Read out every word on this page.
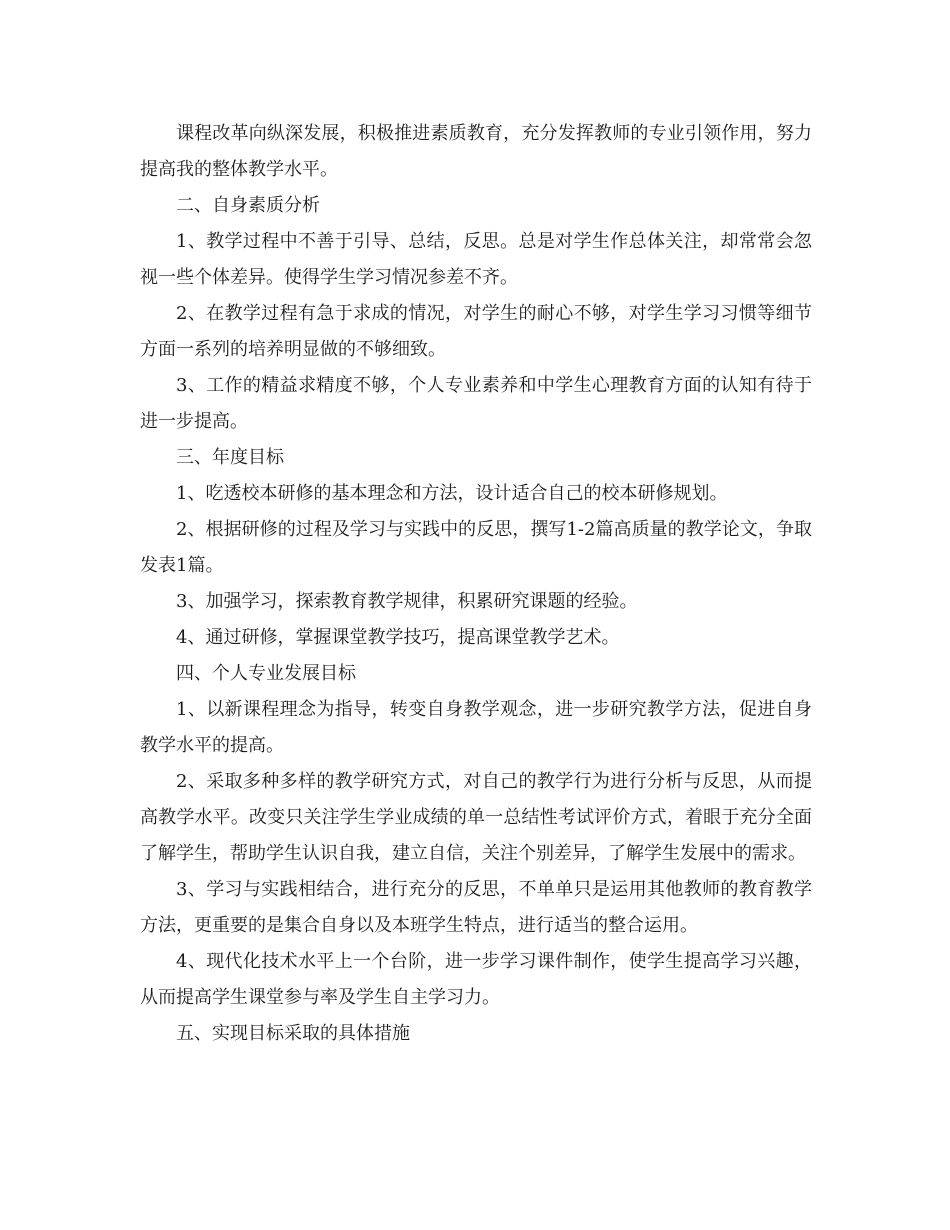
课程改革向纵深发展，积极推进素质教育，充分发挥教师的专业引领作用，努力提高我的整体教学水平。

二、自身素质分析

1、教学过程中不善于引导、总结，反思。总是对学生作总体关注，却常常会忽视一些个体差异。使得学生学习情况参差不齐。

2、在教学过程有急于求成的情况，对学生的耐心不够，对学生学习习惯等细节方面一系列的培养明显做的不够细致。

3、工作的精益求精度不够，个人专业素养和中学生心理教育方面的认知有待于进一步提高。

三、年度目标

1、吃透校本研修的基本理念和方法，设计适合自己的校本研修规划。

2、根据研修的过程及学习与实践中的反思，撰写1-2篇高质量的教学论文，争取发表1篇。

3、加强学习，探索教育教学规律，积累研究课题的经验。

4、通过研修，掌握课堂教学技巧，提高课堂教学艺术。

四、个人专业发展目标

1、以新课程理念为指导，转变自身教学观念，进一步研究教学方法，促进自身教学水平的提高。

2、采取多种多样的教学研究方式，对自己的教学行为进行分析与反思，从而提高教学水平。改变只关注学生学业成绩的单一总结性考试评价方式，着眼于充分全面了解学生，帮助学生认识自我，建立自信，关注个别差异，了解学生发展中的需求。

3、学习与实践相结合，进行充分的反思，不单单只是运用其他教师的教育教学方法，更重要的是集合自身以及本班学生特点，进行适当的整合运用。

4、现代化技术水平上一个台阶，进一步学习课件制作，使学生提高学习兴趣，从而提高学生课堂参与率及学生自主学习力。

五、实现目标采取的具体措施
